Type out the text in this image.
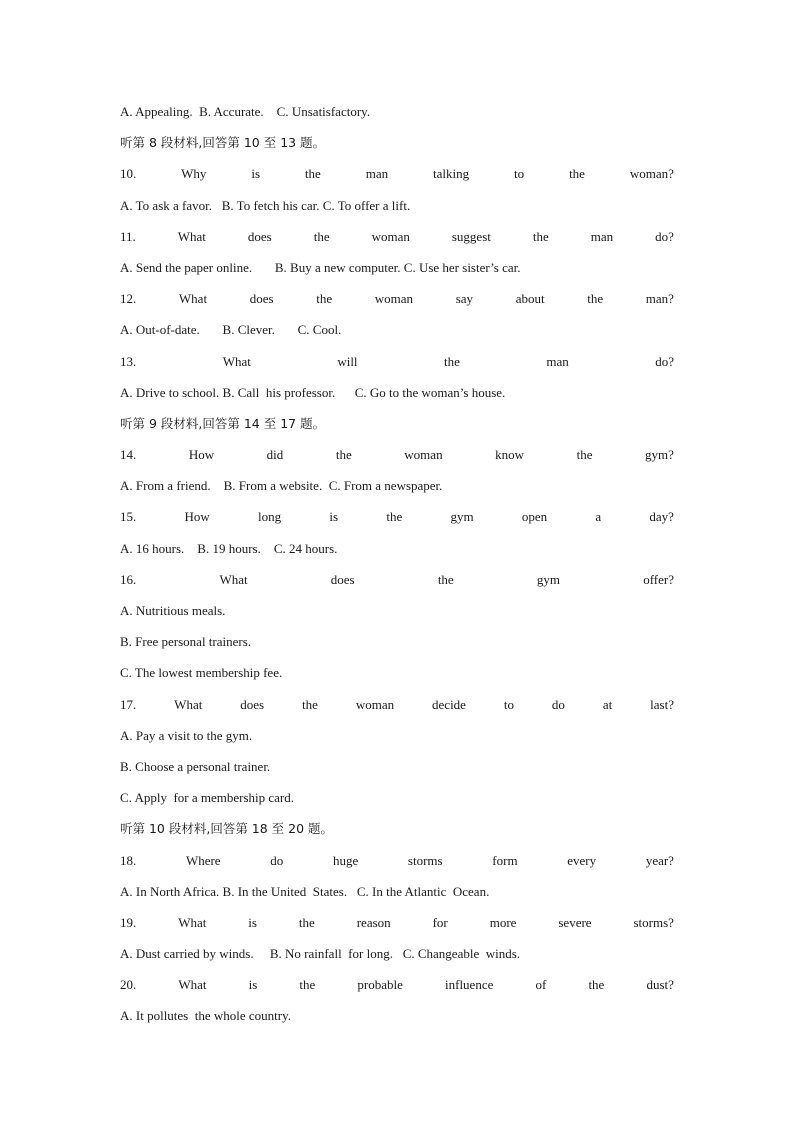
A. Appealing.  B. Accurate.    C. Unsatisfactory.
听第 8 段材料,回答第 10 至 13 题。
10.	Why	is	the	man	talking	to	the	woman?
A. To ask a favor.   B. To fetch his car. C. To offer a lift.
11.	What	does	the	woman	suggest	the	man	do?
A. Send the paper online.       B. Buy a new computer. C. Use her sister’s car.
12.	What	does	the	woman	say	about	the	man?
A. Out-of-date.       B. Clever.       C. Cool.
13.	What	will	the	man	do?
A. Drive to school. B. Call  his professor.      C. Go to the woman’s house.
听第 9 段材料,回答第 14 至 17 题。
14.	How	did	the	woman	know	the	gym?
A. From a friend.    B. From a website.  C. From a newspaper.
15.	How	long	is	the	gym	open	a	day?
A. 16 hours.    B. 19 hours.    C. 24 hours.
16.	What	does	the	gym	offer?
A. Nutritious meals.
B. Free personal trainers.
C. The lowest membership fee.
17.	What	does	the	woman	decide	to	do	at	last?
A. Pay a visit to the gym.
B. Choose a personal trainer.
C. Apply  for a membership card.
听第 10 段材料,回答第 18 至 20 题。
18.	Where	do	huge	storms	form	every	year?
A. In North Africa. B. In the United  States.   C. In the Atlantic  Ocean.
19.	What	is	the	reason	for	more	severe	storms?
A. Dust carried by winds.     B. No rainfall  for long.   C. Changeable  winds.
20.	What	is	the	probable	influence	of	the	dust?
A. It pollutes  the whole country.
